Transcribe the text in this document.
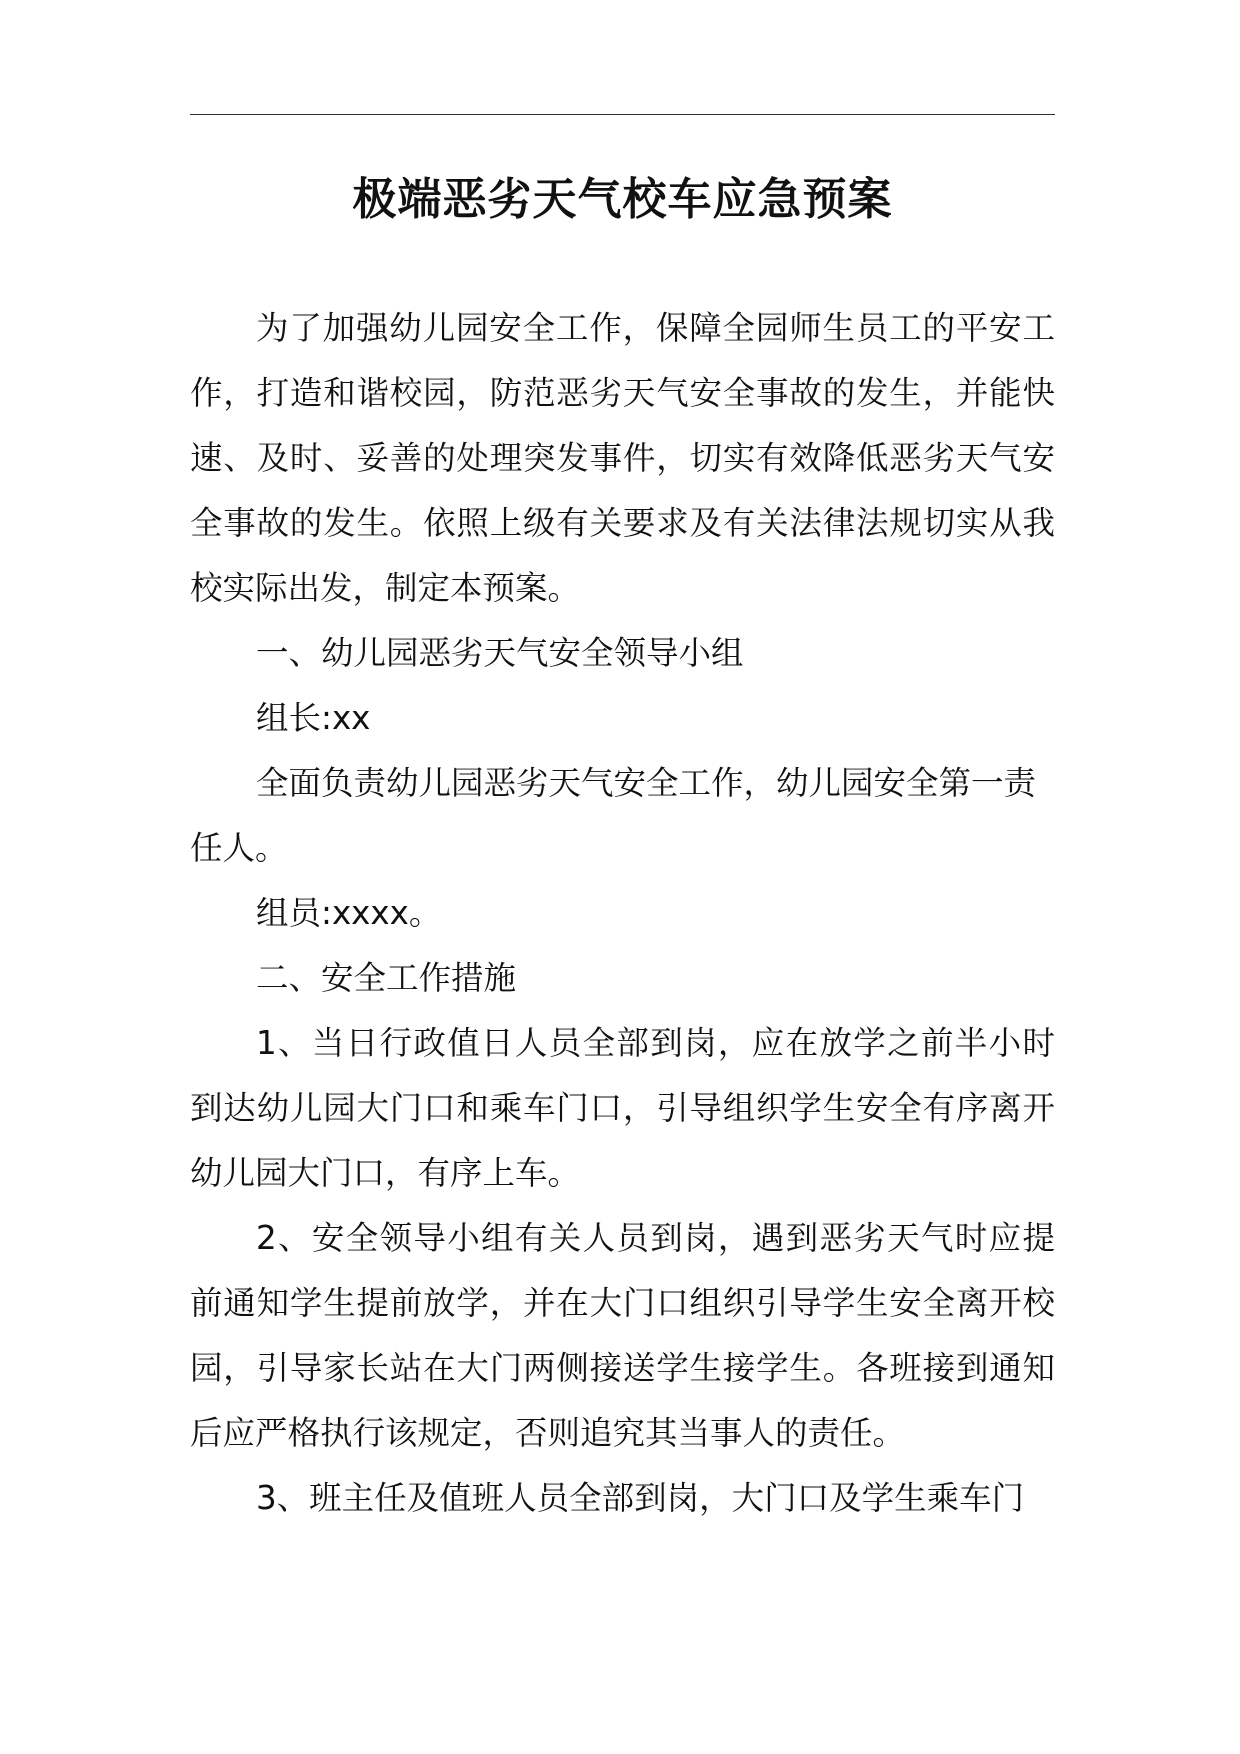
极端恶劣天气校车应急预案

为了加强幼儿园安全工作，保障全园师生员工的平安工作，打造和谐校园，防范恶劣天气安全事故的发生，并能快速、及时、妥善的处理突发事件，切实有效降低恶劣天气安全事故的发生。依照上级有关要求及有关法律法规切实从我校实际出发，制定本预案。

一、幼儿园恶劣天气安全领导小组

组长:xx

全面负责幼儿园恶劣天气安全工作，幼儿园安全第一责

任人。

组员:xxxx。

二、安全工作措施

1、当日行政值日人员全部到岗，应在放学之前半小时到达幼儿园大门口和乘车门口，引导组织学生安全有序离开幼儿园大门口，有序上车。

2、安全领导小组有关人员到岗，遇到恶劣天气时应提前通知学生提前放学，并在大门口组织引导学生安全离开校园，引导家长站在大门两侧接送学生接学生。各班接到通知后应严格执行该规定，否则追究其当事人的责任。

3、班主任及值班人员全部到岗，大门口及学生乘车门
